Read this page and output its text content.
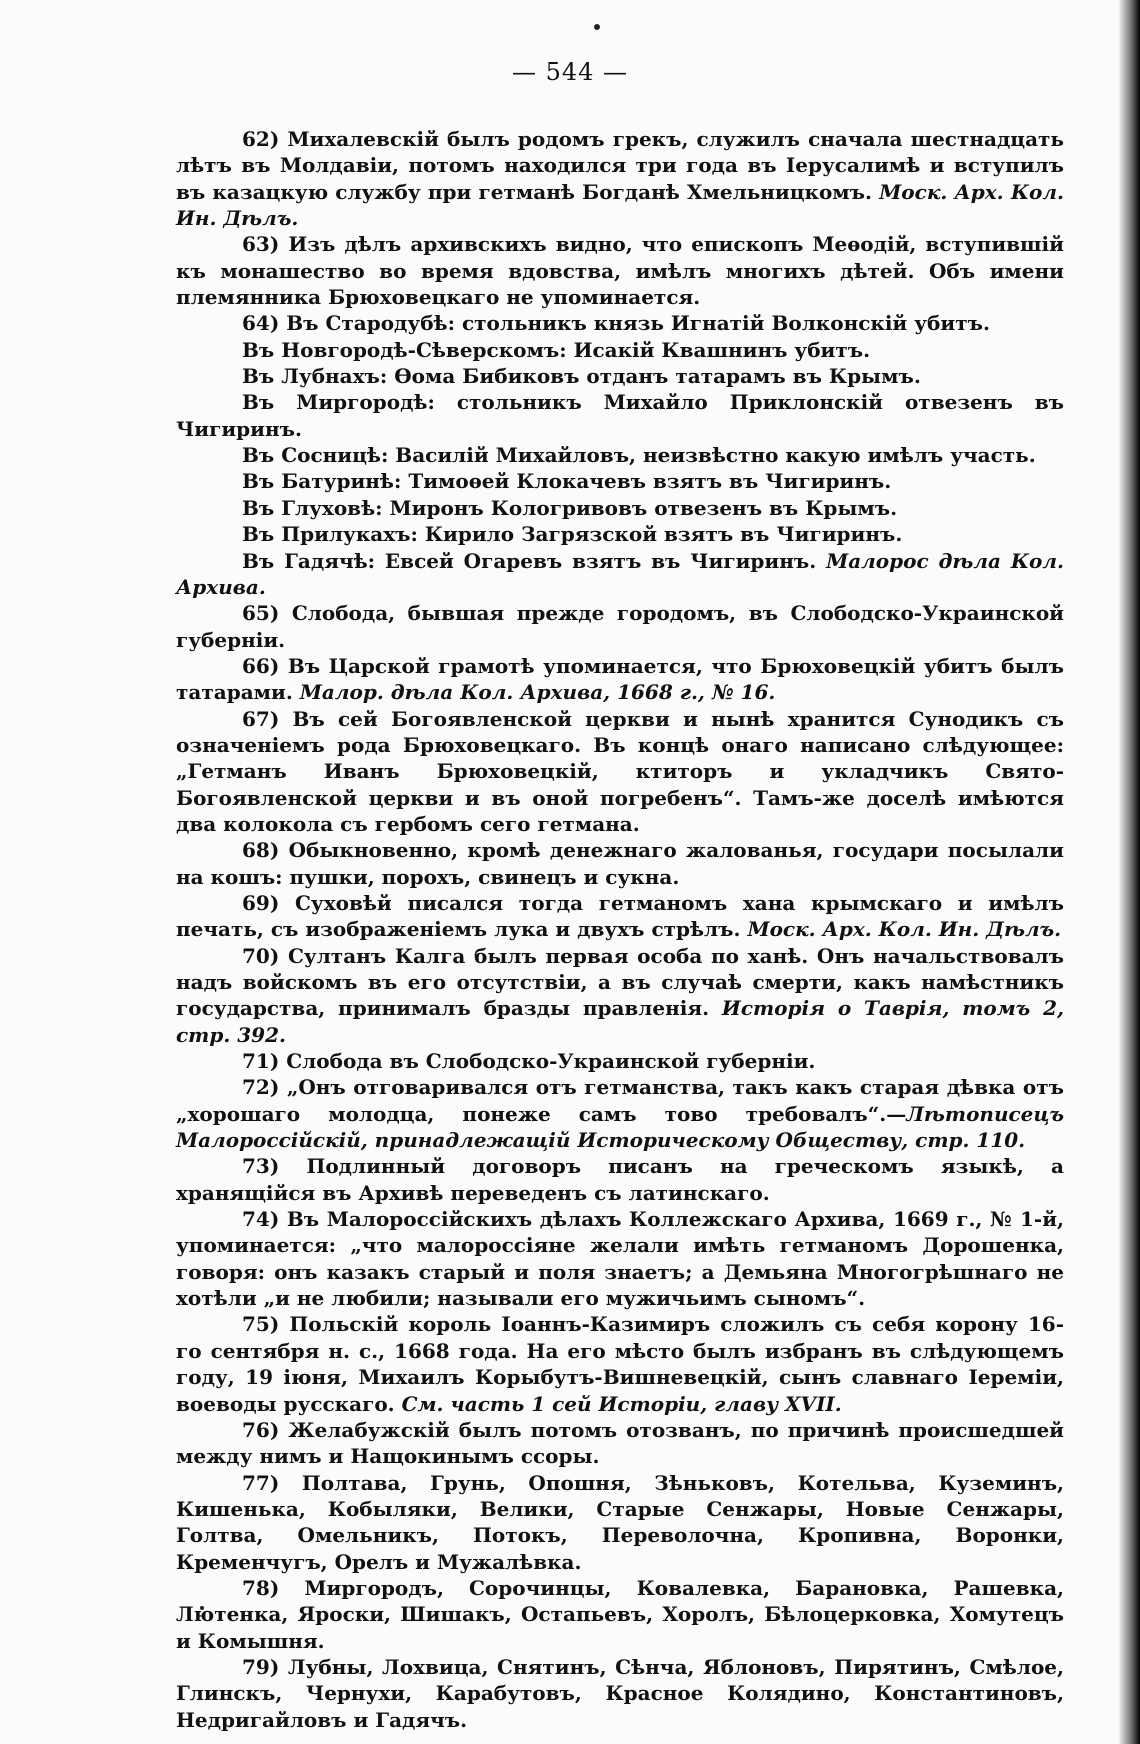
— 544 —

62) Михалевскій былъ родомъ грекъ, служилъ сначала шестнадцать лѣтъ въ Молдавіи, потомъ находился три года въ Іерусалимѣ и вступилъ въ казацкую службу при гетманѣ Богданѣ Хмельницкомъ. Моск. Арх. Кол. Ин. Дѣлъ.

63) Изъ дѣлъ архивскихъ видно, что епископъ Меѳодій, вступившій къ монашество во время вдовства, имѣлъ многихъ дѣтей. Объ имени племянника Брюховецкаго не упоминается.

64) Въ Стародубѣ: стольникъ князь Игнатій Волконскій убитъ.

Въ Новгородѣ-Сѣверскомъ: Исакій Квашнинъ убитъ.

Въ Лубнахъ: Ѳома Бибиковъ отданъ татарамъ въ Крымъ.

Въ Миргородѣ: стольникъ Михайло Приклонскій отвезенъ въ Чигиринъ.

Въ Сосницѣ: Василій Михайловъ, неизвѣстно какую имѣлъ участь.

Въ Батуринѣ: Тимоѳей Клокачевъ взятъ въ Чигиринъ.

Въ Глуховѣ: Миронъ Кологривовъ отвезенъ въ Крымъ.

Въ Прилукахъ: Кирило Загрязской взятъ въ Чигиринъ.

Въ Гадячѣ: Евсей Огаревъ взятъ въ Чигиринъ. Малорос дѣла Кол. Архива.

65) Слобода, бывшая прежде городомъ, въ Слободско-Украинской губерніи.

66) Въ Царской грамотѣ упоминается, что Брюховецкій убитъ былъ татарами. Малор. дѣла Кол. Архива, 1668 г., № 16.

67) Въ сей Богоявленской церкви и нынѣ хранится Сунодикъ съ означеніемъ рода Брюховецкаго. Въ концѣ онаго написано слѣдующее: „Гетманъ Иванъ Брюховецкій, ктиторъ и укладчикъ Свято-Богоявленской церкви и въ оной погребенъ“. Тамъ-же доселѣ имѣются два колокола съ гербомъ сего гетмана.

68) Обыкновенно, кромѣ денежнаго жалованья, государи посылали на кошъ: пушки, порохъ, свинецъ и сукна.

69) Суховѣй писался тогда гетманомъ хана крымскаго и имѣлъ печать, съ изображеніемъ лука и двухъ стрѣлъ. Моск. Арх. Кол. Ин. Дѣлъ.

70) Султанъ Калга былъ первая особа по ханѣ. Онъ начальствовалъ надъ войскомъ въ его отсутствіи, а въ случаѣ смерти, какъ намѣстникъ государства, принималъ бразды правленія. Исторія о Таврія, томъ 2, стр. 392.

71) Слобода въ Слободско-Украинской губерніи.

72) „Онъ отговаривался отъ гетманства, такъ какъ старая дѣвка отъ „хорошаго молодца, понеже самъ тово требовалъ“.—Лѣтописецъ Малороссійскій, принадлежащій Историческому Обществу, стр. 110.

73) Подлинный договоръ писанъ на греческомъ языкѣ, а хранящійся въ Архивѣ переведенъ съ латинскаго.

74) Въ Малороссійскихъ дѣлахъ Коллежскаго Архива, 1669 г., № 1-й, упоминается: „что малороссіяне желали имѣть гетманомъ Дорошенка, говоря: онъ казакъ старый и поля знаетъ; а Демьяна Многогрѣшнаго не хотѣли „и не любили; называли его мужичьимъ сыномъ“.

75) Польскій король Іоаннъ-Казимиръ сложилъ съ себя корону 16-го сентября н. с., 1668 года. На его мѣсто былъ избранъ въ слѣдующемъ году, 19 іюня, Михаилъ Корыбутъ-Вишневецкій, сынъ славнаго Іереміи, воеводы русскаго. См. часть 1 сей Исторіи, главу XVII.

76) Желабужскій былъ потомъ отозванъ, по причинѣ происшедшей между нимъ и Нащокинымъ ссоры.

77) Полтава, Грунь, Опошня, Зѣньковъ, Котельва, Куземинъ, Кишенька, Кобыляки, Велики, Старые Сенжары, Новые Сенжары, Голтва, Омельникъ, Потокъ, Переволочна, Кропивна, Воронки, Кременчугъ, Орелъ и Мужалѣвка.

78) Миргородъ, Сорочинцы, Ковалевка, Барановка, Рашевка, Лютенка, Яроски, Шишакъ, Остапьевъ, Хоролъ, Бѣлоцерковка, Хомутецъ и Комышня.

79) Лубны, Лохвица, Снятинъ, Сѣнча, Яблоновъ, Пирятинъ, Смѣлое, Глинскъ, Чернухи, Карабутовъ, Красное Колядино, Константиновъ, Недригайловъ и Гадячъ.
